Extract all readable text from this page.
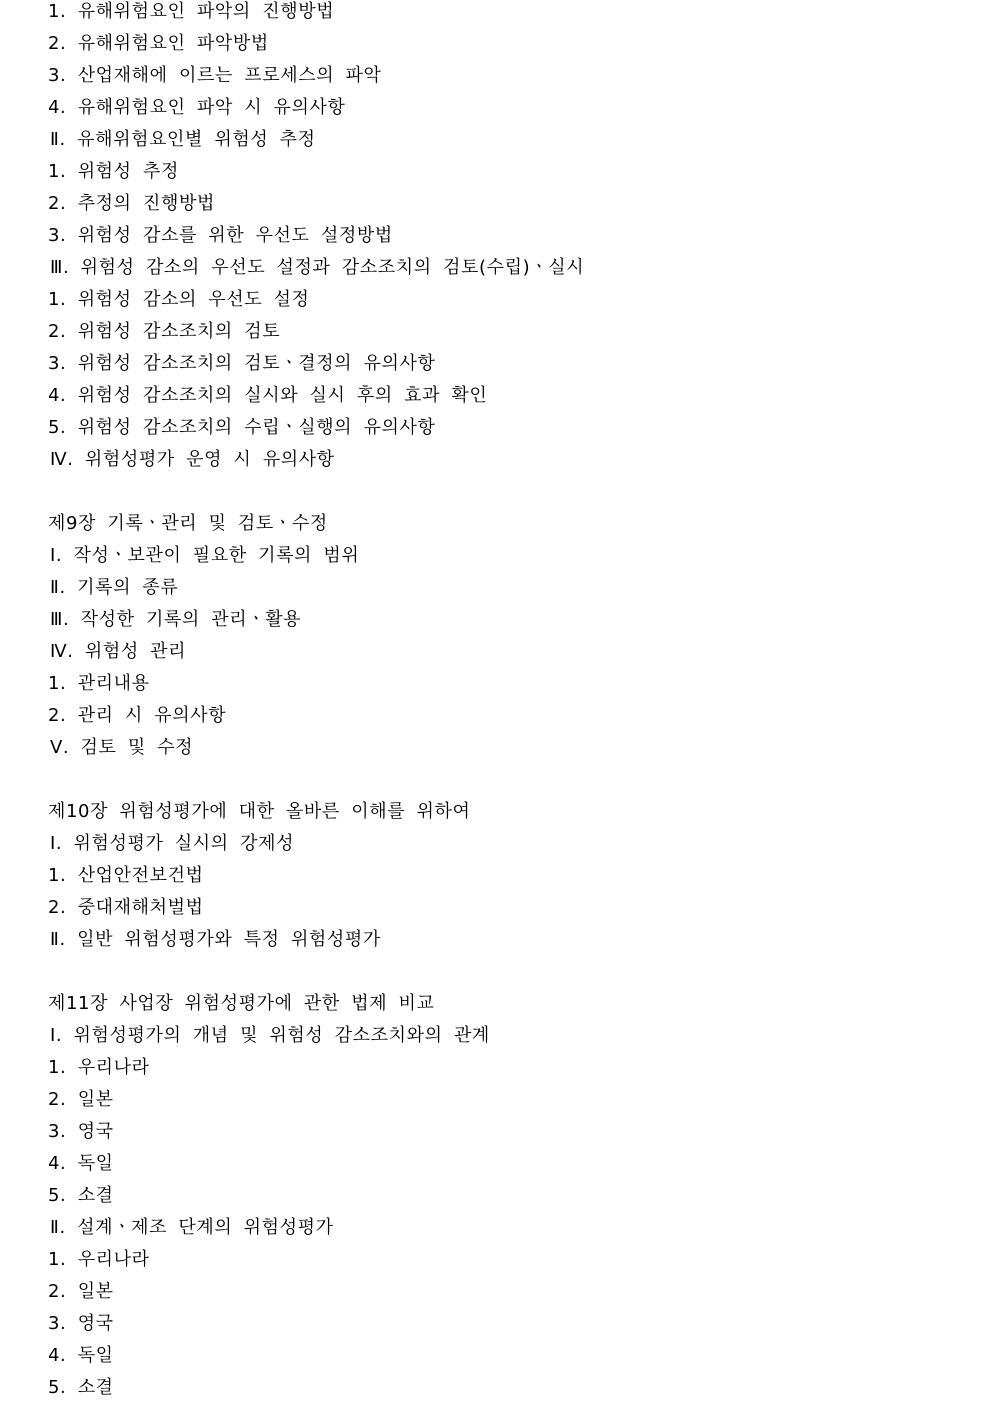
1. 유해위험요인 파악의 진행방법
2. 유해위험요인 파악방법
3. 산업재해에 이르는 프로세스의 파악
4. 유해위험요인 파악 시 유의사항
Ⅱ. 유해위험요인별 위험성 추정
1. 위험성 추정
2. 추정의 진행방법
3. 위험성 감소를 위한 우선도 설정방법
Ⅲ. 위험성 감소의 우선도 설정과 감소조치의 검토(수립)ㆍ실시
1. 위험성 감소의 우선도 설정
2. 위험성 감소조치의 검토
3. 위험성 감소조치의 검토ㆍ결정의 유의사항
4. 위험성 감소조치의 실시와 실시 후의 효과 확인
5. 위험성 감소조치의 수립ㆍ실행의 유의사항
Ⅳ. 위험성평가 운영 시 유의사항
제9장 기록ㆍ관리 및 검토ㆍ수정
Ⅰ. 작성ㆍ보관이 필요한 기록의 범위
Ⅱ. 기록의 종류
Ⅲ. 작성한 기록의 관리ㆍ활용
Ⅳ. 위험성 관리
1. 관리내용
2. 관리 시 유의사항
Ⅴ. 검토 및 수정
제10장 위험성평가에 대한 올바른 이해를 위하여
Ⅰ. 위험성평가 실시의 강제성
1. 산업안전보건법
2. 중대재해처벌법
Ⅱ. 일반 위험성평가와 특정 위험성평가
제11장 사업장 위험성평가에 관한 법제 비교
Ⅰ. 위험성평가의 개념 및 위험성 감소조치와의 관계
1. 우리나라
2. 일본
3. 영국
4. 독일
5. 소결
Ⅱ. 설계ㆍ제조 단계의 위험성평가
1. 우리나라
2. 일본
3. 영국
4. 독일
5. 소결
